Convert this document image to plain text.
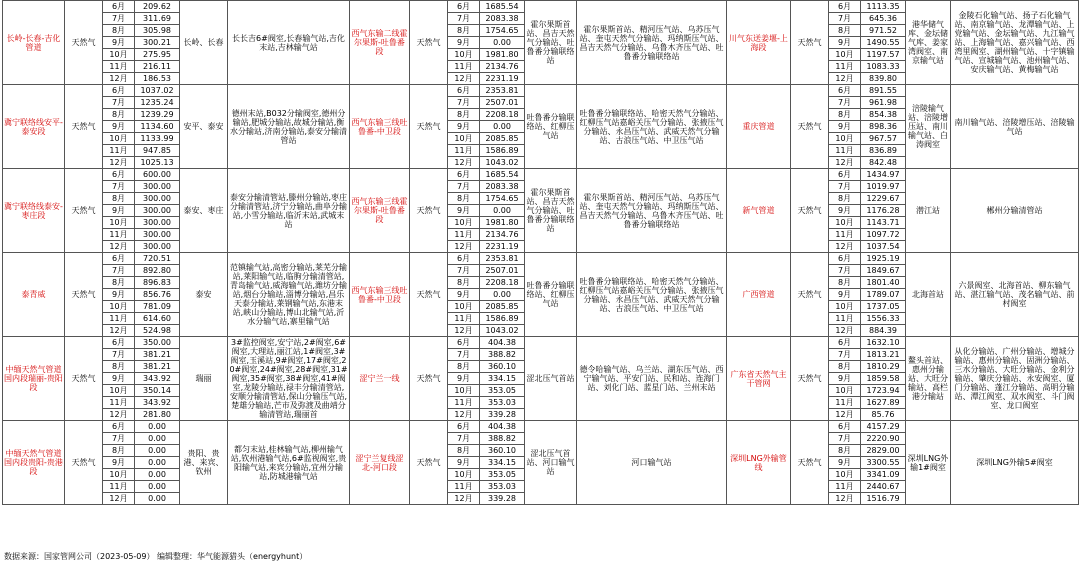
长岭-长春-吉化管道	天然气	6月	209.62	长岭、长春	长长吉6#阀室,长春输气站,吉化末站,吉林输气站	西气东输二线霍尔果斯-吐鲁番段	天然气	6月	1685.54	霍尔果斯首站、昌吉天然气分输站、吐鲁番分输联络站	霍尔果斯首站、精河压气站、乌苏压气站、奎屯天然气分输站、玛纳斯压气站、昌吉天然气分输站、乌鲁木齐压气站、吐鲁番分输联络站	川气东送姜堰-上海段	天然气	6月	1113.35	港华储气库、金坛储气库、姜家湾阀室、南京输气站	金陵石化输气站、扬子石化输气站、南京输气站、龙潭输气站、上党输气站、金坛输气站、九江输气站、上海输气站、嘉兴输气站、西湾里阀室、湖州输气站、十字镇输气站、宣城输气站、池州输气站、安庆输气站、黄梅输气站
		7月	311.69					7月	2083.38					7月	645.36		
		8月	305.98					8月	1754.65					8月	971.52		
		9月	300.21					9月	0.00					9月	1490.55		
		10月	275.95					10月	1981.80					10月	1197.57		
		11月	216.11					11月	2134.76					11月	1083.33		
		12月	186.53					12月	2231.19					12月	839.80		
冀宁联络线安平-泰安段	天然气	6月	1037.02	安平、泰安	德州末站,B032分输阀室,德州分输站,肥城分输站,故城分输站,衡水分输站,济南分输站,泰安分输清管站	西气东输三线吐鲁番-中卫段	天然气	6月	2353.81	吐鲁番分输联络站、红柳压气站	吐鲁番分输联络站、哈密天然气分输站、红柳压气站嘉峪关压气分输站、张掖压气分输站、永昌压气站、武威天然气分输站、古浪压气站、中卫压气站	重庆管道	天然气	6月	891.55	涪陵输气站、涪陵增压站、南川输气站、白涛阀室	南川输气站、涪陵增压站、涪陵输气站
		7月	1235.24					7月	2507.01					7月	961.98		
		8月	1239.29					8月	2208.18					8月	854.38		
		9月	1134.60					9月	0.00					9月	898.36		
		10月	1133.99					10月	2085.85					10月	967.57		
		11月	947.85					11月	1586.89					11月	836.89		
		12月	1025.13					12月	1043.02					12月	842.48		
冀宁联络线泰安-枣庄段	天然气	6月	600.00	泰安、枣庄	泰安分输清管站,滕州分输站,枣庄分输清管站,济宁分输站,曲阜分输站,小雪分输站,临沂末站,武城末站	西气东输三线霍尔果斯-吐鲁番段	天然气	6月	1685.54	霍尔果斯首站、昌吉天然气分输站、吐鲁番分输联络站	霍尔果斯首站、精河压气站、乌苏压气站、奎屯天然气分输站、玛纳斯压气站、昌吉天然气分输站、乌鲁木齐压气站、吐鲁番分输联络站	新气管道	天然气	6月	1434.97	潜江站	郴州分输清管站
		7月	300.00					7月	2083.38					7月	1019.97		
		8月	300.00					8月	1754.65					8月	1229.67		
		9月	300.00					9月	0.00					9月	1176.28		
		10月	300.00					10月	1981.80					10月	1143.71		
		11月	300.00					11月	2134.76					11月	1097.72		
		12月	300.00					12月	2231.19					12月	1037.54		
泰青威	天然气	6月	720.51	泰安	范镇输气站,高密分输站,莱芜分输站,莱阳输气站,临朐分输清管站,青岛输气站,威海输气站,潍坊分输站,烟台分输站,淄博分输站,昌乐天泰分输站,莱钢输气站,东港末站,峡山分输站,博山北输气站,沂水分输气站,寨里输气站	西气东输三线吐鲁番-中卫段	天然气	6月	2353.81	吐鲁番分输联络站、红柳压气站	吐鲁番分输联络站、哈密天然气分输站、红柳压气站嘉峪关压气分输站、张掖压气分输站、永昌压气站、武威天然气分输站、古浪压气站、中卫压气站	广西管道	天然气	6月	1925.19	北海首站	六景阀室、北海首站、柳东输气站、湛江输气站、茂名输气站、前村阀室
		7月	892.80					7月	2507.01					7月	1849.67		
		8月	896.83					8月	2208.18					8月	1801.40		
		9月	856.76					9月	0.00					9月	1789.07		
		10月	781.09					10月	2085.85					10月	1737.05		
		11月	614.60					11月	1586.89					11月	1556.33		
		12月	524.98					12月	1043.02					12月	884.39		
中缅天然气管道国内段瑞丽-贵阳段	天然气	6月	350.00	瑞丽	3#监控阀室,安宁站,2#阀室,6#阀室,大理站,丽江站,1#阀室,3#阀室,玉溪站,9#阀室,17#阀室,20#阀室,24#阀室,28#阀室,31#阀室,35#阀室,38#阀室,41#阀室,龙陵分输站,禄丰分输清管站,安顺分输清管站,保山分输压气站,楚雄分输站,芒市及弥渡及曲靖分输清管站,瑞丽首	涩宁兰一线	天然气	6月	404.38	涩北压气首站	德令哈输气站、乌兰站、湖东压气站、西宁输气站、平安门站、民和站、连海门站、刘化门站、蓝星门站、兰州末站	广东省天然气主干管网	天然气	6月	1632.10	鳌头首站、惠州分输站、大旺分输站、高栏港分输站	从化分输站、广州分输站、增城分输站、惠州分输站、固洲分输站、三水分输站、大旺分输站、金利分输站、肇庆分输站、永安阀室、厦门分输站、蓬江分输站、高明分输站、潭江阀室、双水阀室、斗门阀室、龙口阀室
		7月	381.21					7月	388.82					7月	1813.21		
		8月	381.21					8月	360.10					8月	1810.29		
		9月	343.92					9月	334.15					9月	1859.58		
		10月	350.14					10月	353.05					10月	1723.94		
		11月	343.92					11月	353.03					11月	1627.89		
		12月	281.80					12月	339.28					12月	85.76		
中缅天然气管道国内段贵阳-贵港段	天然气	6月	0.00	贵阳、贵港、来宾、钦州	都匀末站,桂林输气站,柳州输气站,钦州港输气站,6#监视阀室,贵阳输气站,来宾分输站,宜州分输站,防城港输气站	涩宁兰复线涩北-河口段	天然气	6月	404.38	涩北压气首站、河口输气站	河口输气站	深圳LNG外输管线	天然气	6月	4157.29	深圳LNG外输1#阀室	深圳LNG外输5#阀室
		7月	0.00					7月	388.82					7月	2220.90		
		8月	0.00					8月	360.10					8月	2829.00		
		9月	0.00					9月	334.15					9月	3300.55		
		10月	0.00					10月	353.05					10月	3341.09		
		11月	0.00					11月	353.03					11月	2440.67		
		12月	0.00					12月	339.28					12月	1516.79		
数据来源：国家管网公司（2023-05-09） 编辑整理：华气能源猎头（energyhunt）
